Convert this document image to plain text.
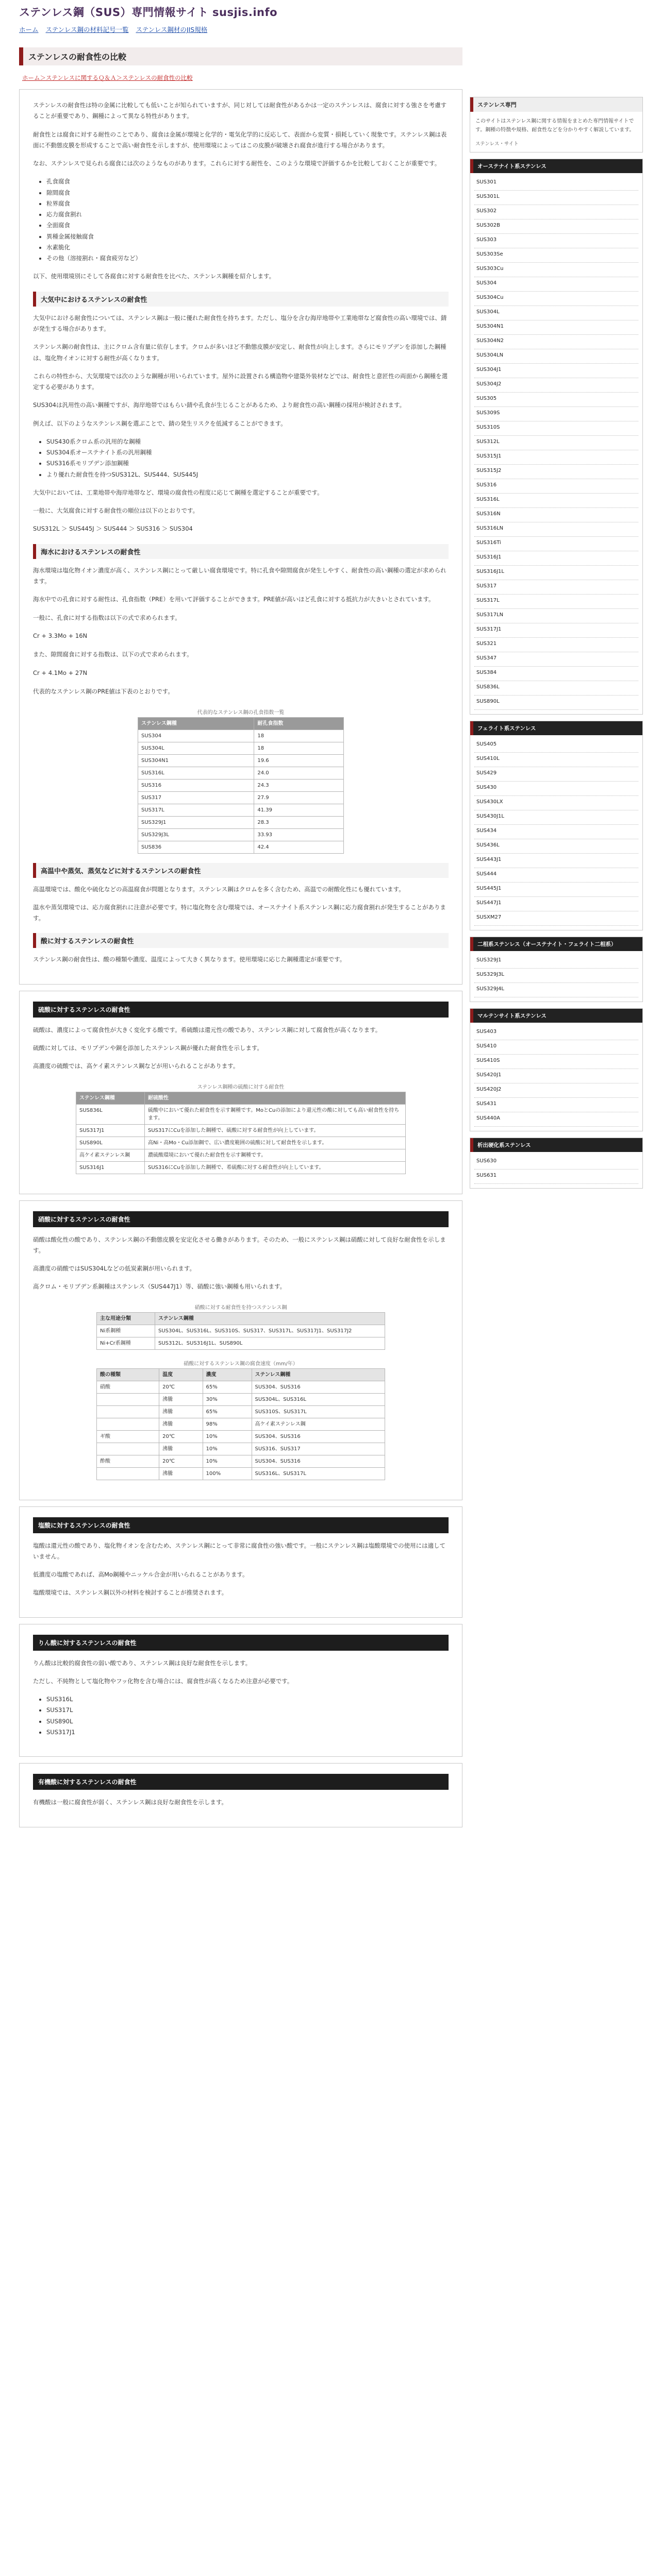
ステンレス鋼（SUS）専門情報サイト susjis.info
ホーム ステンレス鋼の材料記号一覧 ステンレス鋼材のJIS規格
ステンレスの耐食性の比較
ホーム＞ステンレスに関するＱ＆Ａ＞ステンレスの耐食性の比較

ステンレスの耐食性は特の金属に比較しても低いことが知られていますが、同じ対しては耐食性があるかは一定のステンレスは、腐食に対する強さを考慮することが重要であり、鋼種によって異なる特性があります。

耐食性とは腐食に対する耐性のことであり、腐食は金属が環境と化学的・電気化学的に反応して、表面から変質・損耗していく現象です。ステンレス鋼は表面に不動態皮膜を形成することで高い耐食性を示しますが、使用環境によってはこの皮膜が破壊され腐食が進行する場合があります。

なお、ステンレスで見られる腐食には次のようなものがあります。これらに対する耐性を、このような環境で評価するかを比較しておくことが重要です。

• 孔食腐食
• 隙間腐食
• 粒界腐食
• 応力腐食割れ
• 全面腐食
• 異種金属接触腐食
• 水素脆化
• その他（溶接割れ・腐食疲労など）

以下、使用環境別にそして各腐食に対する耐食性を比べた、ステンレス鋼種を紹介します。

大気中におけるステンレスの耐食性

大気中における耐食性については、ステンレス鋼は一般に優れた耐食性を持ちます。ただし、塩分を含む海岸地帯や工業地帯など腐食性の高い環境では、錆が発生する場合があります。

ステンレス鋼の耐食性は、主にクロム含有量に依存します。クロムが多いほど不動態皮膜が安定し、耐食性が向上します。さらにモリブデンを添加した鋼種は、塩化物イオンに対する耐性が高くなります。

これらの特性から、大気環境では次のような鋼種が用いられています。屋外に設置される構造物や建築外装材などでは、耐食性と意匠性の両面から鋼種を選定する必要があります。

SUS304は汎用性の高い鋼種ですが、海岸地帯ではもらい錆や孔食が生じることがあるため、より耐食性の高い鋼種の採用が検討されます。

例えば、以下のようなステンレス鋼を選ぶことで、錆の発生リスクを低減することができます。

• SUS430系クロム系の汎用的な鋼種
• SUS304系オーステナイト系の汎用鋼種
• SUS316系モリブデン添加鋼種
• より優れた耐食性を持つSUS312L、SUS444、SUS445J

大気中においては、工業地帯や海岸地帯など、環境の腐食性の程度に応じて鋼種を選定することが重要です。

一般に、大気腐食に対する耐食性の順位は以下のとおりです。

SUS312L ＞ SUS445J ＞ SUS444 ＞ SUS316 ＞ SUS304

海水におけるステンレスの耐食性

海水環境は塩化物イオン濃度が高く、ステンレス鋼にとって厳しい腐食環境です。特に孔食や隙間腐食が発生しやすく、耐食性の高い鋼種の選定が求められます。

海水中での孔食に対する耐性は、孔食指数（PRE）を用いて評価することができます。PRE値が高いほど孔食に対する抵抗力が大きいとされています。

一般に、孔食に対する指数は以下の式で求められます。

Cr + 3.3Mo + 16N

また、隙間腐食に対する指数は、以下の式で求められます。

Cr + 4.1Mo + 27N

代表的なステンレス鋼のPRE値は下表のとおりです。

代表的なステンレス鋼の孔食指数一覧
ステンレス鋼種	耐孔食指数
SUS304	18
SUS304L	18
SUS304N1	19.6
SUS316L	24.0
SUS316	24.3
SUS317	27.9
SUS317L	41.39
SUS329J1	28.3
SUS329J3L	33.93
SUS836	42.4
高温中や蒸気、蒸気などに対するステンレスの耐食性

高温環境では、酸化や硫化などの高温腐食が問題となります。ステンレス鋼はクロムを多く含むため、高温での耐酸化性にも優れています。

温水や蒸気環境では、応力腐食割れに注意が必要です。特に塩化物を含む環境では、オーステナイト系ステンレス鋼に応力腐食割れが発生することがあります。

酸に対するステンレスの耐食性

ステンレス鋼の耐食性は、酸の種類や濃度、温度によって大きく異なります。使用環境に応じた鋼種選定が重要です。

硫酸に対するステンレスの耐食性

硫酸は、濃度によって腐食性が大きく変化する酸です。希硫酸は還元性の酸であり、ステンレス鋼に対して腐食性が高くなります。

硫酸に対しては、モリブデンや銅を添加したステンレス鋼が優れた耐食性を示します。

高濃度の硫酸では、高ケイ素ステンレス鋼などが用いられることがあります。

ステンレス鋼種の硫酸に対する耐食性
ステンレス鋼種	耐硫酸性
SUS836L	硫酸中において優れた耐食性を示す鋼種です。MoとCuの添加により還元性の酸に対しても高い耐食性を持ちます。
SUS317J1	SUS317にCuを添加した鋼種で、硫酸に対する耐食性が向上しています。
SUS890L	高Ni・高Mo・Cu添加鋼で、広い濃度範囲の硫酸に対して耐食性を示します。
高ケイ素ステンレス鋼	濃硫酸環境において優れた耐食性を示す鋼種です。
SUS316J1	SUS316にCuを添加した鋼種で、希硫酸に対する耐食性が向上しています。
硝酸に対するステンレスの耐食性

硝酸は酸化性の酸であり、ステンレス鋼の不動態皮膜を安定化させる働きがあります。そのため、一般にステンレス鋼は硝酸に対して良好な耐食性を示します。

高濃度の硝酸ではSUS304Lなどの低炭素鋼が用いられます。

高クロム・モリブデン系鋼種はステンレス（SUS447J1）等、硝酸に強い鋼種も用いられます。

硝酸に対する耐食性を持つステンレス鋼
主な用途分類	ステンレス鋼種
Ni系鋼種	SUS304L、SUS316L、SUS310S、SUS317、SUS317L、SUS317J1、SUS317J2
Ni+Cr系鋼種	SUS312L、SUS316J1L、SUS890L
硝酸に対するステンレス鋼の腐食速度（mm/年）
酸の種類	温度	濃度	ステンレス鋼種
硝酸	20℃	65%	SUS304、SUS316
	沸騰	30%	SUS304L、SUS316L
	沸騰	65%	SUS310S、SUS317L
	沸騰	98%	高ケイ素ステンレス鋼
ギ酸	20℃	10%	SUS304、SUS316
	沸騰	10%	SUS316、SUS317
酢酸	20℃	10%	SUS304、SUS316
	沸騰	100%	SUS316L、SUS317L
塩酸に対するステンレスの耐食性

塩酸は還元性の酸であり、塩化物イオンを含むため、ステンレス鋼にとって非常に腐食性の強い酸です。一般にステンレス鋼は塩酸環境での使用には適していません。

低濃度の塩酸であれば、高Mo鋼種やニッケル合金が用いられることがあります。

塩酸環境では、ステンレス鋼以外の材料を検討することが推奨されます。

りん酸に対するステンレスの耐食性

りん酸は比較的腐食性の弱い酸であり、ステンレス鋼は良好な耐食性を示します。

ただし、不純物として塩化物やフッ化物を含む場合には、腐食性が高くなるため注意が必要です。

• SUS316L
• SUS317L
• SUS890L
• SUS317J1
有機酸に対するステンレスの耐食性

有機酸は一般に腐食性が弱く、ステンレス鋼は良好な耐食性を示します。

ステンレス専門
このサイトはステンレス鋼に関する情報をまとめた専門情報サイトです。鋼種の特徴や規格、耐食性などを分かりやすく解説しています。
ステンレス・サイト
オーステナイト系ステンレス
SUS301
SUS301L
SUS302
SUS302B
SUS303
SUS303Se
SUS303Cu
SUS304
SUS304Cu
SUS304L
SUS304N1
SUS304N2
SUS304LN
SUS304J1
SUS304J2
SUS305
SUS309S
SUS310S
SUS312L
SUS315J1
SUS315J2
SUS316
SUS316L
SUS316N
SUS316LN
SUS316Ti
SUS316J1
SUS316J1L
SUS317
SUS317L
SUS317LN
SUS317J1
SUS321
SUS347
SUS384
SUS836L
SUS890L
フェライト系ステンレス
SUS405
SUS410L
SUS429
SUS430
SUS430LX
SUS430J1L
SUS434
SUS436L
SUS443J1
SUS444
SUS445J1
SUS447J1
SUSXM27
二相系ステンレス（オーステナイト・フェライト二相系）
SUS329J1
SUS329J3L
SUS329J4L
マルテンサイト系ステンレス
SUS403
SUS410
SUS410S
SUS420J1
SUS420J2
SUS431
SUS440A
析出硬化系ステンレス
SUS630
SUS631
